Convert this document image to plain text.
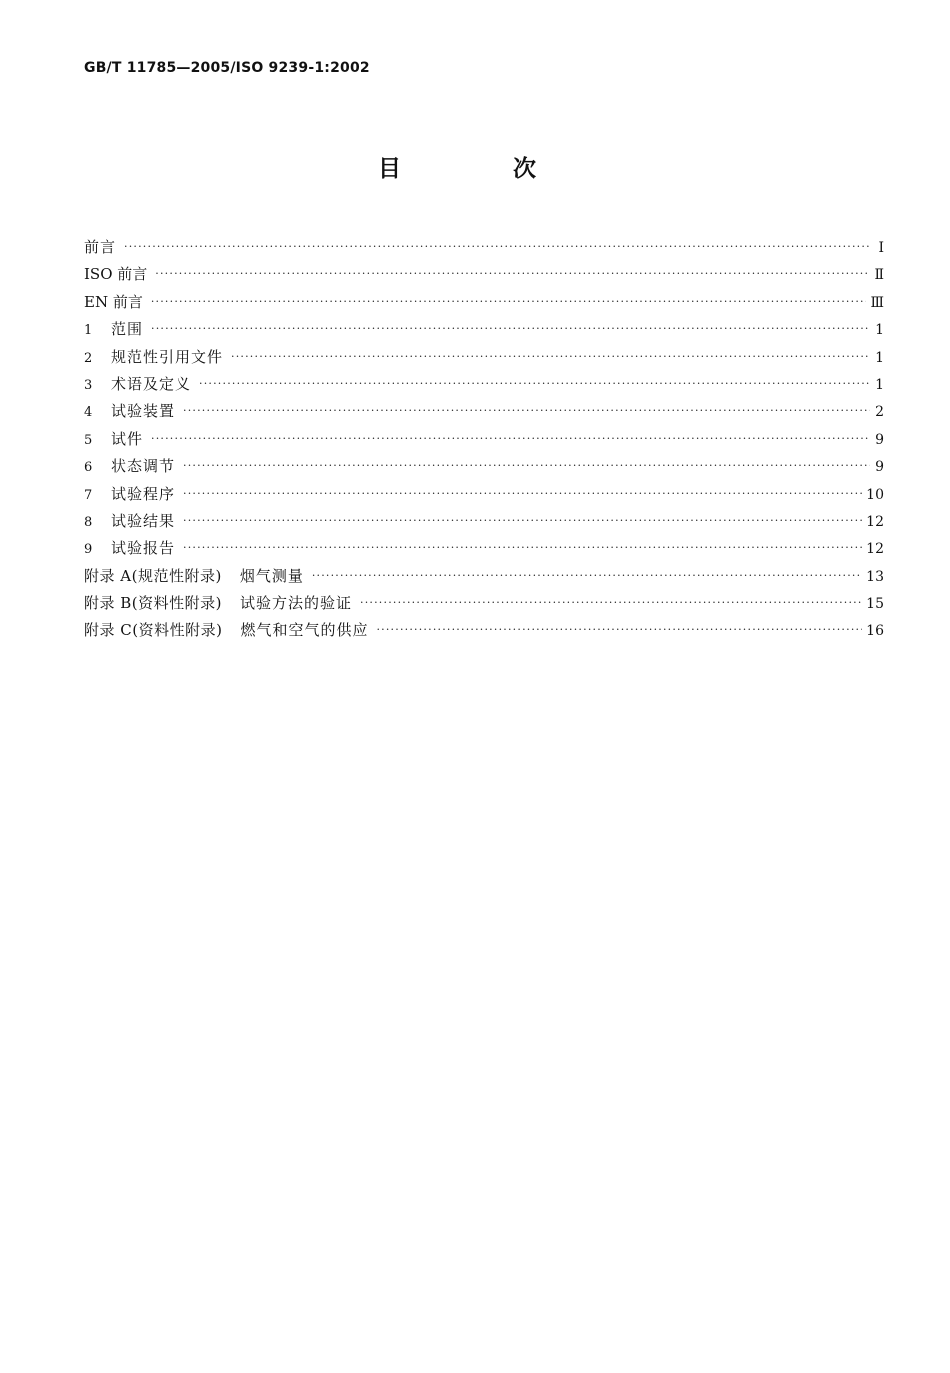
GB/T 11785—2005/ISO 9239-1:2002
目 次
前言 ·····	Ⅰ
ISO 前言 ·····	Ⅱ
EN 前言 ·····	Ⅲ
1	范围 ·····	1
2	规范性引用文件 ·····	1
3	术语及定义 ·····	1
4	试验装置 ·····	2
5	试件 ·····	9
6	状态调节 ·····	9
7	试验程序 ·····	10
8	试验结果 ·····	12
9	试验报告 ·····	12
附录 A(规范性附录) 烟气测量 ·····	13
附录 B(资料性附录) 试验方法的验证 ·····	15
附录 C(资料性附录) 燃气和空气的供应 ·····	16
